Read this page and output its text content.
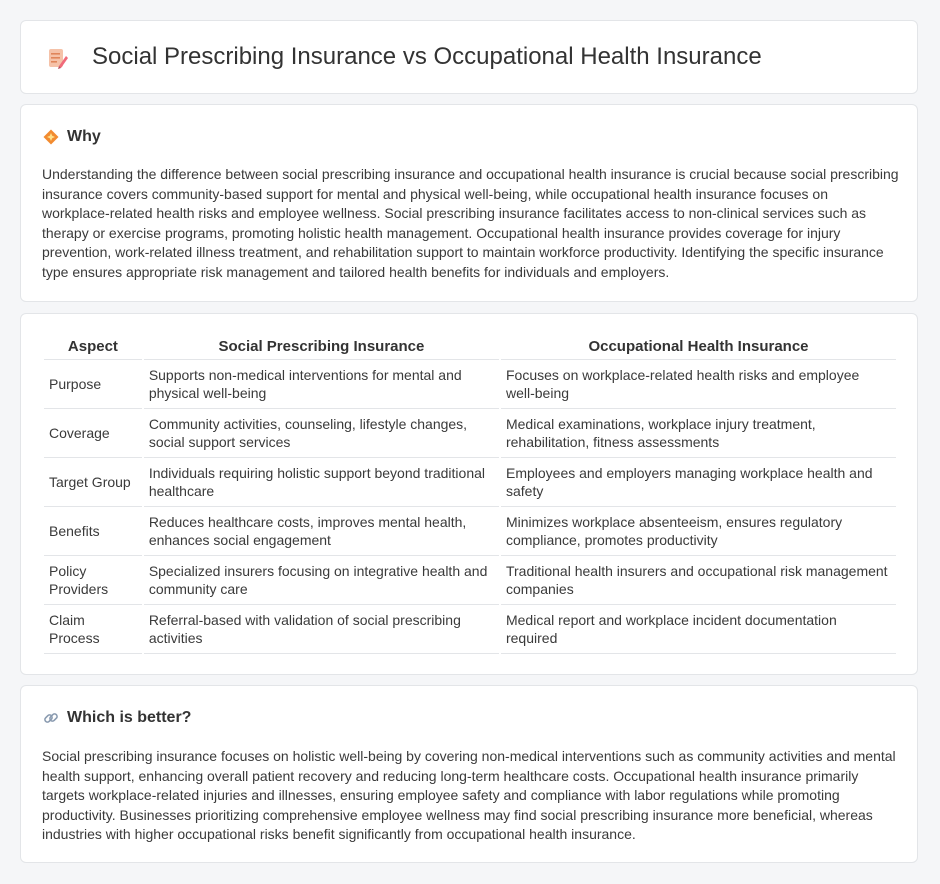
Social Prescribing Insurance vs Occupational Health Insurance
Why

Understanding the difference between social prescribing insurance and occupational health insurance is crucial because social prescribing insurance covers community-based support for mental and physical well-being, while occupational health insurance focuses on workplace-related health risks and employee wellness. Social prescribing insurance facilitates access to non-clinical services such as therapy or exercise programs, promoting holistic health management. Occupational health insurance provides coverage for injury prevention, work-related illness treatment, and rehabilitation support to maintain workforce productivity. Identifying the specific insurance type ensures appropriate risk management and tailored health benefits for individuals and employers.

Aspect	Social Prescribing Insurance	Occupational Health Insurance
Purpose	Supports non-medical interventions for mental and physical well-being	Focuses on workplace-related health risks and employee well-being
Coverage	Community activities, counseling, lifestyle changes, social support services	Medical examinations, workplace injury treatment, rehabilitation, fitness assessments
Target Group	Individuals requiring holistic support beyond traditional healthcare	Employees and employers managing workplace health and safety
Benefits	Reduces healthcare costs, improves mental health, enhances social engagement	Minimizes workplace absenteeism, ensures regulatory compliance, promotes productivity
Policy Providers	Specialized insurers focusing on integrative health and community care	Traditional health insurers and occupational risk management companies
Claim Process	Referral-based with validation of social prescribing activities	Medical report and workplace incident documentation required
Which is better?

Social prescribing insurance focuses on holistic well-being by covering non-medical interventions such as community activities and mental health support, enhancing overall patient recovery and reducing long-term healthcare costs. Occupational health insurance primarily targets workplace-related injuries and illnesses, ensuring employee safety and compliance with labor regulations while promoting productivity. Businesses prioritizing comprehensive employee wellness may find social prescribing insurance more beneficial, whereas industries with higher occupational risks benefit significantly from occupational health insurance.
